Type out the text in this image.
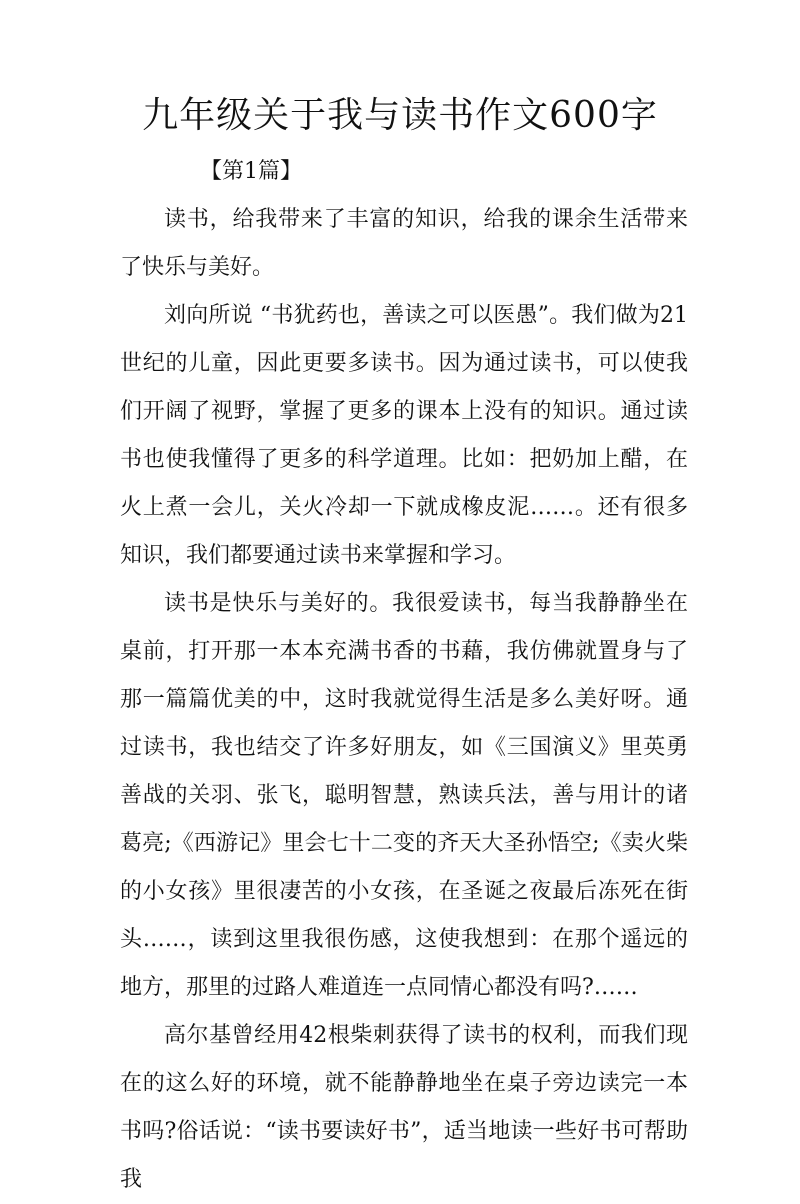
九年级关于我与读书作文600字
【第1篇】

读书，给我带来了丰富的知识，给我的课余生活带来了快乐与美好。

刘向所说 “书犹药也，善读之可以医愚”。我们做为21世纪的儿童，因此更要多读书。因为通过读书，可以使我们开阔了视野，掌握了更多的课本上没有的知识。通过读书也使我懂得了更多的科学道理。比如：把奶加上醋，在火上煮一会儿，关火冷却一下就成橡皮泥……。还有很多知识，我们都要通过读书来掌握和学习。

读书是快乐与美好的。我很爱读书，每当我静静坐在桌前，打开那一本本充满书香的书藉，我仿佛就置身与了那一篇篇优美的中，这时我就觉得生活是多么美好呀。通过读书，我也结交了许多好朋友，如《三国演义》里英勇善战的关羽、张飞，聪明智慧，熟读兵法，善与用计的诸葛亮;《西游记》里会七十二变的齐天大圣孙悟空;《卖火柴的小女孩》里很凄苦的小女孩，在圣诞之夜最后冻死在街头……，读到这里我很伤感，这使我想到：在那个遥远的地方，那里的过路人难道连一点同情心都没有吗?……

高尔基曾经用42根柴刺获得了读书的权利，而我们现在的这么好的环境，就不能静静地坐在桌子旁边读完一本书吗?俗话说：“读书要读好书”，适当地读一些好书可帮助我
